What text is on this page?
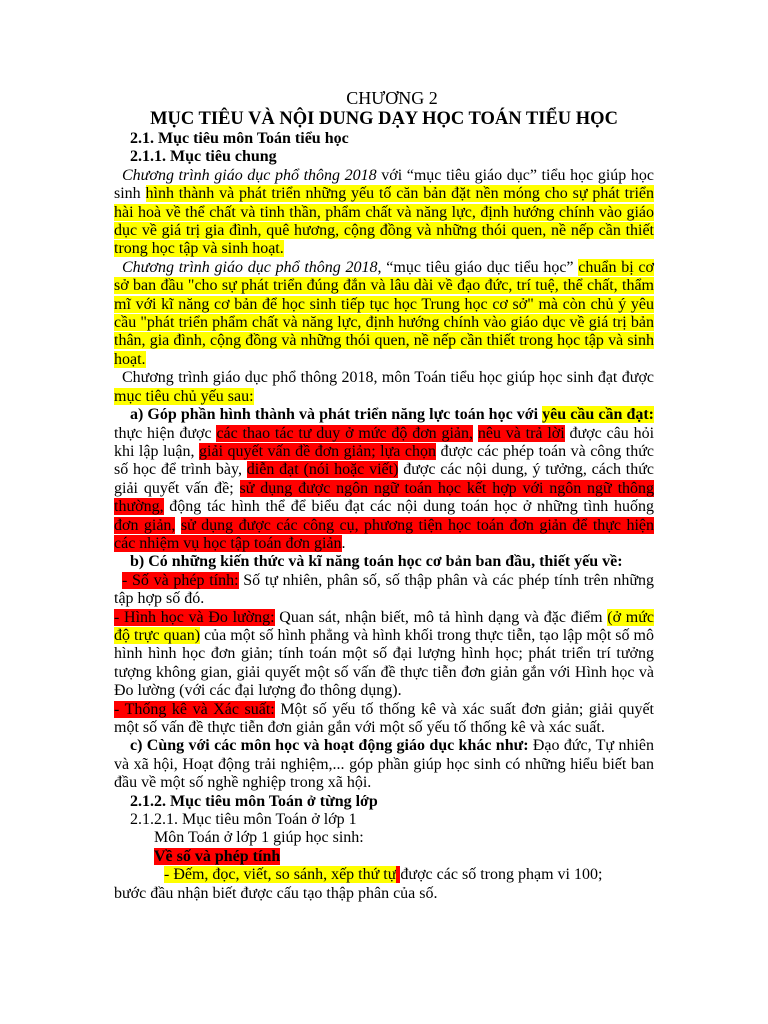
CHƯƠNG 2
MỤC TIÊU VÀ NỘI DUNG DẠY HỌC TOÁN TIỂU HỌC

2.1. Mục tiêu môn Toán tiểu học

2.1.1. Mục tiêu chung

Chương trình giáo dục phổ thông 2018 với “mục tiêu giáo dục” tiểu học giúp học sinh hình thành và phát triển những yếu tố căn bản đặt nền móng cho sự phát triển hài hoà về thể chất và tinh thần, phẩm chất và năng lực, định hướng chính vào giáo dục về giá trị gia đình, quê hương, cộng đồng và những thói quen, nề nếp cần thiết trong học tập và sinh hoạt.

Chương trình giáo dục phổ thông 2018, “mục tiêu giáo dục tiểu học” chuẩn bị cơ sở ban đầu "cho sự phát triển đúng đắn và lâu dài về đạo đức, trí tuệ, thể chất, thẩm mĩ với kĩ năng cơ bản để học sinh tiếp tục học Trung học cơ sở" mà còn chủ ý yêu cầu "phát triển phẩm chất và năng lực, định hướng chính vào giáo dục về giá trị bản thân, gia đình, cộng đồng và những thói quen, nề nếp cần thiết trong học tập và sinh hoạt.

Chương trình giáo dục phổ thông 2018, môn Toán tiểu học giúp học sinh đạt được mục tiêu chủ yếu sau:

a) Góp phần hình thành và phát triển năng lực toán học với yêu cầu cần đạt: thực hiện được các thao tác tư duy ở mức độ đơn giản, nêu và trả lời được câu hỏi khi lập luận, giải quyết vấn đề đơn giản; lựa chọn được các phép toán và công thức số học để trình bày, diễn đạt (nói hoặc viết) được các nội dung, ý tưởng, cách thức giải quyết vấn đề; sử dụng được ngôn ngữ toán học kết hợp với ngôn ngữ thông thường, động tác hình thể để biểu đạt các nội dung toán học ở những tình huống đơn giản, sử dụng được các công cụ, phương tiện học toán đơn giản để thực hiện các nhiệm vụ học tập toán đơn giản.

b) Có những kiến thức và kĩ năng toán học cơ bản ban đầu, thiết yếu về:

- Số và phép tính: Số tự nhiên, phân số, số thập phân và các phép tính trên những tập hợp số đó.

- Hình học và Đo lường: Quan sát, nhận biết, mô tả hình dạng và đặc điểm (ở mức độ trực quan) của một số hình phẳng và hình khối trong thực tiễn, tạo lập một số mô hình hình học đơn giản; tính toán một số đại lượng hình học; phát triển trí tưởng tượng không gian, giải quyết một số vấn đề thực tiễn đơn giản gắn với Hình học và Đo lường (với các đại lượng đo thông dụng).

- Thống kê và Xác suất: Một số yếu tố thống kê và xác suất đơn giản; giải quyết một số vấn đề thực tiễn đơn giản gắn với một số yếu tố thống kê và xác suất.

c) Cùng với các môn học và hoạt động giáo dục khác như: Đạo đức, Tự nhiên và xã hội, Hoạt động trải nghiệm,... góp phần giúp học sinh có những hiểu biết ban đầu về một số nghề nghiệp trong xã hội.

2.1.2. Mục tiêu môn Toán ở từng lớp

2.1.2.1. Mục tiêu môn Toán ở lớp 1

Môn Toán ở lớp 1 giúp học sinh:

Về số và phép tính

- Đếm, đọc, viết, so sánh, xếp thứ tự được các số trong phạm vi 100;

bước đầu nhận biết được cấu tạo thập phân của số.
